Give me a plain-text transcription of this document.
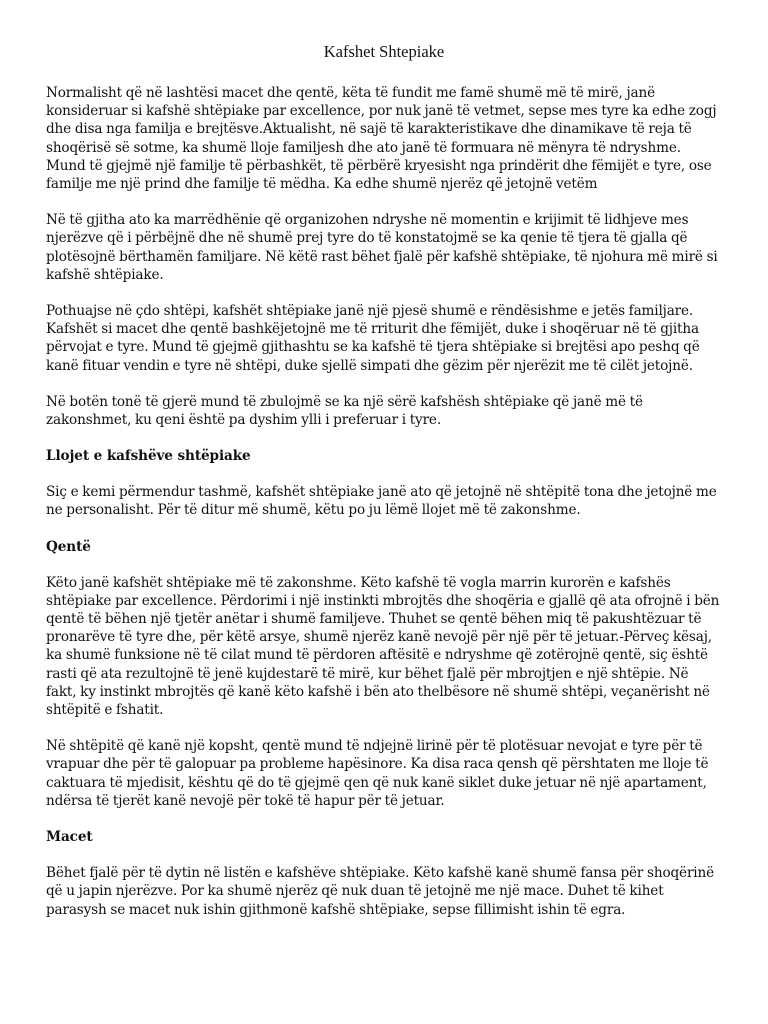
Kafshet Shtepiake

Normalisht që në lashtësi macet dhe qentë, këta të fundit me famë shumë më të mirë, janë konsideruar si kafshë shtëpiake par excellence, por nuk janë të vetmet, sepse mes tyre ka edhe zogj dhe disa nga familja e brejtësve.Aktualisht, në sajë të karakteristikave dhe dinamikave të reja të shoqërisë së sotme, ka shumë lloje familjesh dhe ato janë të formuara në mënyra të ndryshme. Mund të gjejmë një familje të përbashkët, të përbërë kryesisht nga prindërit dhe fëmijët e tyre, ose familje me një prind dhe familje të mëdha. Ka edhe shumë njerëz që jetojnë vetëm

Në të gjitha ato ka marrëdhënie që organizohen ndryshe në momentin e krijimit të lidhjeve mes njerëzve që i përbëjnë dhe në shumë prej tyre do të konstatojmë se ka qenie të tjera të gjalla që plotësojnë bërthamën familjare. Në këtë rast bëhet fjalë për kafshë shtëpiake, të njohura më mirë si kafshë shtëpiake.

Pothuajse në çdo shtëpi, kafshët shtëpiake janë një pjesë shumë e rëndësishme e jetës familjare. Kafshët si macet dhe qentë bashkëjetojnë me të rriturit dhe fëmijët, duke i shoqëruar në të gjitha përvojat e tyre. Mund të gjejmë gjithashtu se ka kafshë të tjera shtëpiake si brejtësi apo peshq që kanë fituar vendin e tyre në shtëpi, duke sjellë simpati dhe gëzim për njerëzit me të cilët jetojnë.

Në botën tonë të gjerë mund të zbulojmë se ka një sërë kafshësh shtëpiake që janë më të zakonshmet, ku qeni është pa dyshim ylli i preferuar i tyre.

Llojet e kafshëve shtëpiake

Siç e kemi përmendur tashmë, kafshët shtëpiake janë ato që jetojnë në shtëpitë tona dhe jetojnë me ne personalisht. Për të ditur më shumë, këtu po ju lëmë llojet më të zakonshme.

Qentë

Këto janë kafshët shtëpiake më të zakonshme. Këto kafshë të vogla marrin kurorën e kafshës shtëpiake par excellence. Përdorimi i një instinkti mbrojtës dhe shoqëria e gjallë që ata ofrojnë i bën qentë të bëhen një tjetër anëtar i shumë familjeve. Thuhet se qentë bëhen miq të pakushtëzuar të pronarëve të tyre dhe, për këtë arsye, shumë njerëz kanë nevojë për një për të jetuar.-Përveç kësaj, ka shumë funksione në të cilat mund të përdoren aftësitë e ndryshme që zotërojnë qentë, siç është rasti që ata rezultojnë të jenë kujdestarë të mirë, kur bëhet fjalë për mbrojtjen e një shtëpie. Në fakt, ky instinkt mbrojtës që kanë këto kafshë i bën ato thelbësore në shumë shtëpi, veçanërisht në shtëpitë e fshatit.

Në shtëpitë që kanë një kopsht, qentë mund të ndjejnë lirinë për të plotësuar nevojat e tyre për të vrapuar dhe për të galopuar pa probleme hapësinore. Ka disa raca qensh që përshtaten me lloje të caktuara të mjedisit, kështu që do të gjejmë qen që nuk kanë siklet duke jetuar në një apartament, ndërsa të tjerët kanë nevojë për tokë të hapur për të jetuar.

Macet

Bëhet fjalë për të dytin në listën e kafshëve shtëpiake. Këto kafshë kanë shumë fansa për shoqërinë që u japin njerëzve. Por ka shumë njerëz që nuk duan të jetojnë me një mace. Duhet të kihet parasysh se macet nuk ishin gjithmonë kafshë shtëpiake, sepse fillimisht ishin të egra.
